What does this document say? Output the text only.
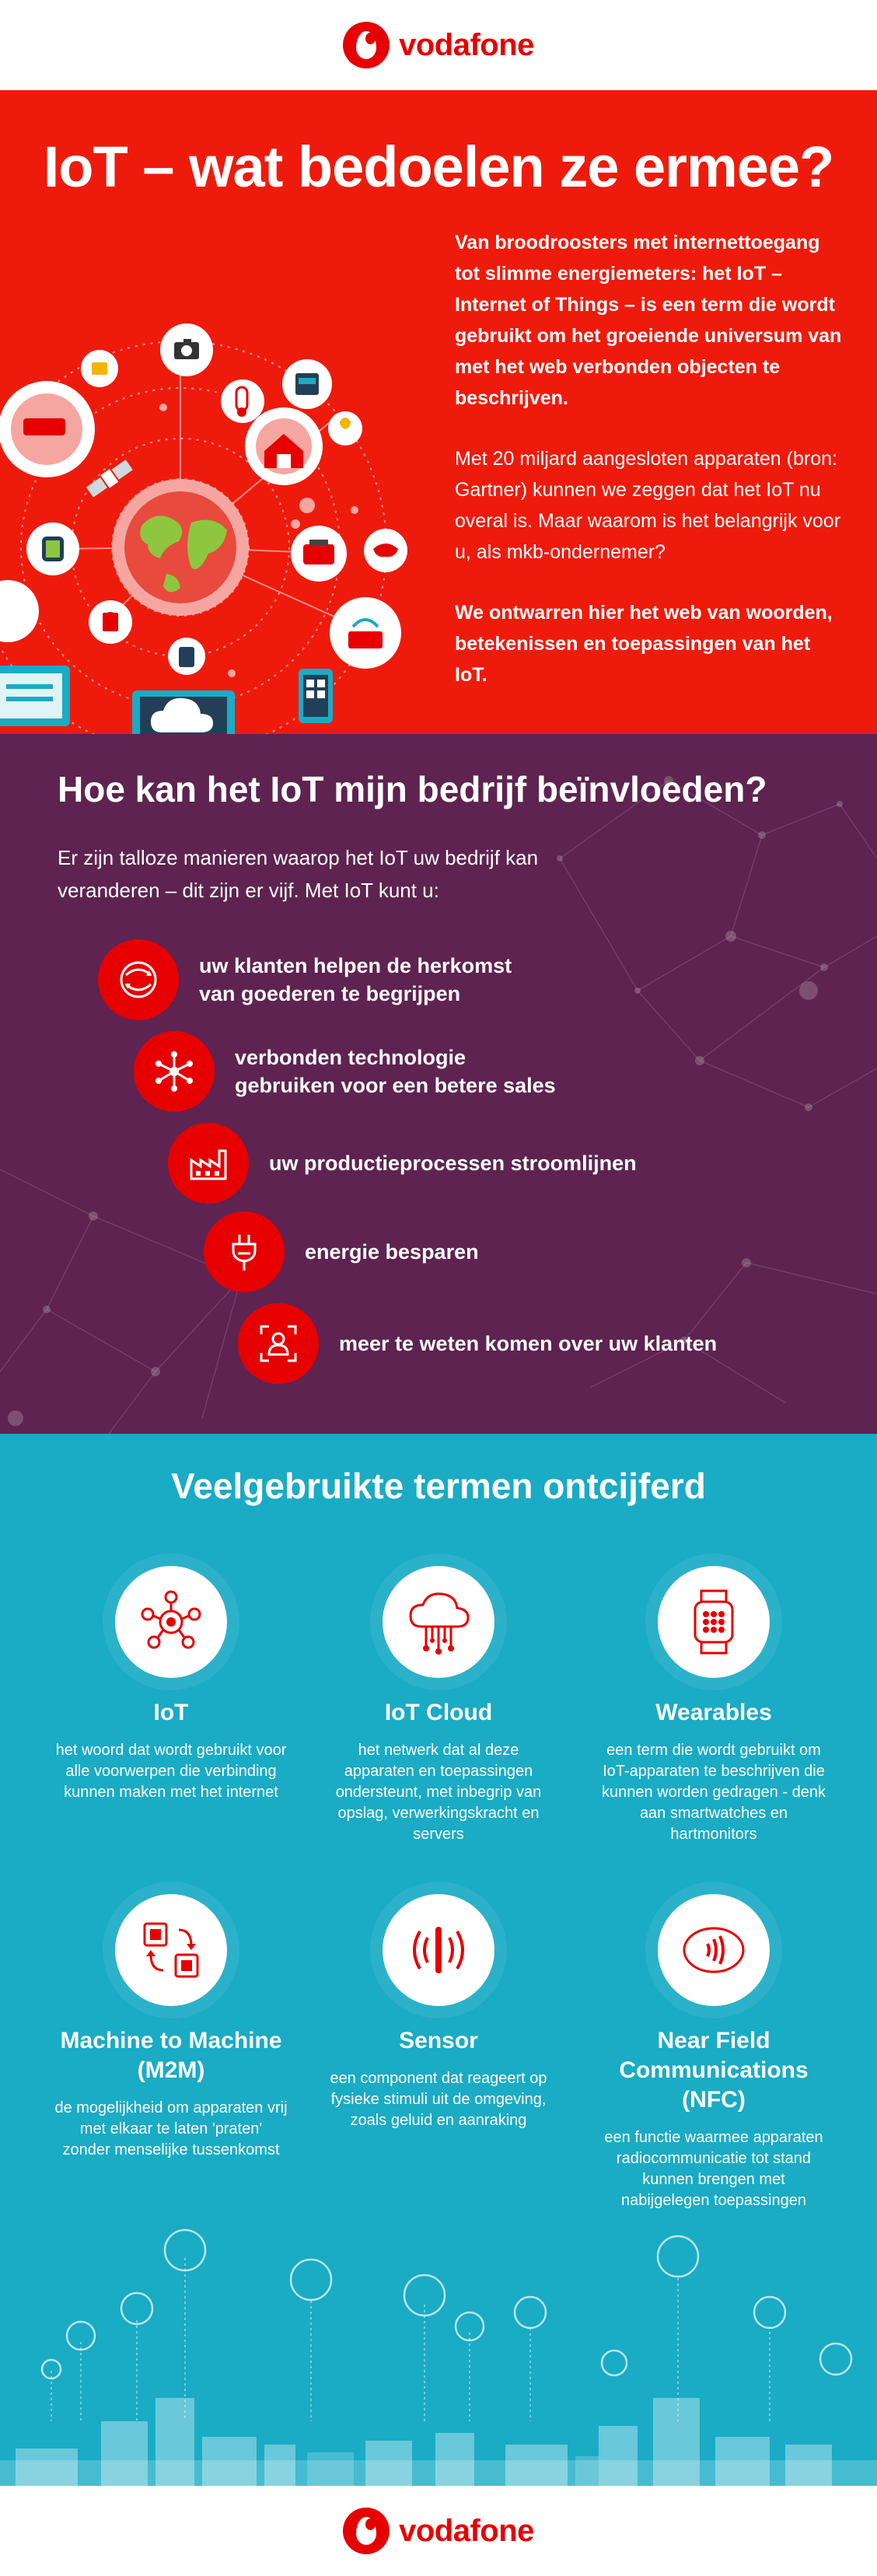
vodafone
IoT – wat bedoelen ze ermee?

Van broodroosters met internettoegang tot slimme energiemeters: het IoT – Internet of Things – is een term die wordt gebruikt om het groeiende universum van met het web verbonden objecten te beschrijven.

Met 20 miljard aangesloten apparaten (bron: Gartner) kunnen we zeggen dat het IoT nu overal is. Maar waarom is het belangrijk voor u, als mkb-ondernemer?

We ontwarren hier het web van woorden, betekenissen en toepassingen van het IoT.

Hoe kan het IoT mijn bedrijf beïnvloeden?

Er zijn talloze manieren waarop het IoT uw bedrijf kan veranderen – dit zijn er vijf. Met IoT kunt u:

uw klanten helpen de herkomst
van goederen te begrijpen
verbonden technologie
gebruiken voor een betere sales
uw productieprocessen stroomlijnen
energie besparen
meer te weten komen over uw klanten
Veelgebruikte termen ontcijferd
IoT
het woord dat wordt gebruikt voor alle voorwerpen die verbinding kunnen maken met het internet
IoT Cloud
het netwerk dat al deze apparaten en toepassingen ondersteunt, met inbegrip van opslag, verwerkingskracht en servers
Wearables
een term die wordt gebruikt om IoT-apparaten te beschrijven die kunnen worden gedragen - denk aan smartwatches en hartmonitors
Machine to Machine (M2M)
de mogelijkheid om apparaten vrij met elkaar te laten 'praten' zonder menselijke tussenkomst
Sensor
een component dat reageert op fysieke stimuli uit de omgeving, zoals geluid en aanraking
Near Field Communications (NFC)
een functie waarmee apparaten radiocommunicatie tot stand kunnen brengen met nabijgelegen toepassingen
vodafone
